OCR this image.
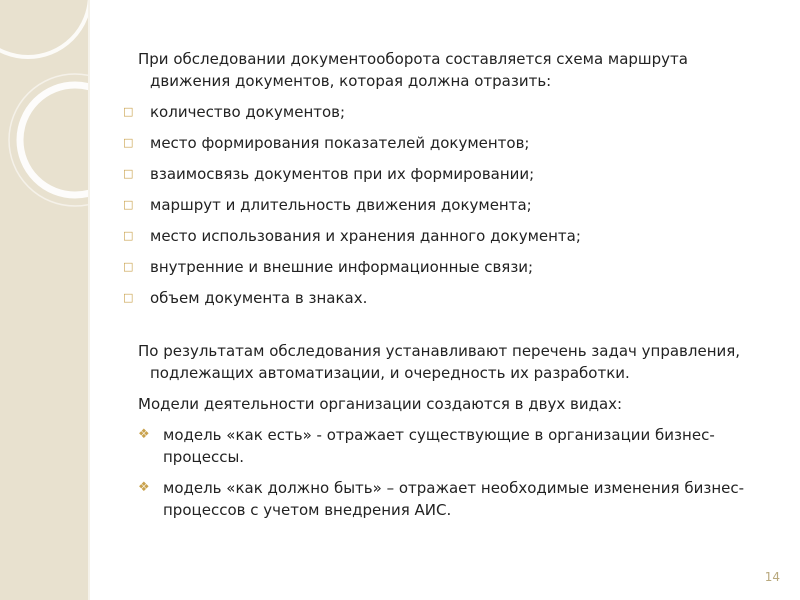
При обследовании документооборота составляется схема маршрута движения документов, которая должна отразить:

□ количество документов;
□ место формирования показателей документов;
□ взаимосвязь документов при их формировании;
□ маршрут и длительность движения документа;
□ место использования и хранения данного документа;
□ внутренние и внешние информационные связи;
□ объем документа в знаках.

По результатам обследования устанавливают перечень задач управления, подлежащих автоматизации, и очередность их разработки.

Модели деятельности организации создаются в двух видах:

❖ модель «как есть» - отражает существующие в организации бизнес-процессы.
❖ модель «как должно быть» – отражает необходимые изменения бизнес-процессов с учетом внедрения АИС.
14
